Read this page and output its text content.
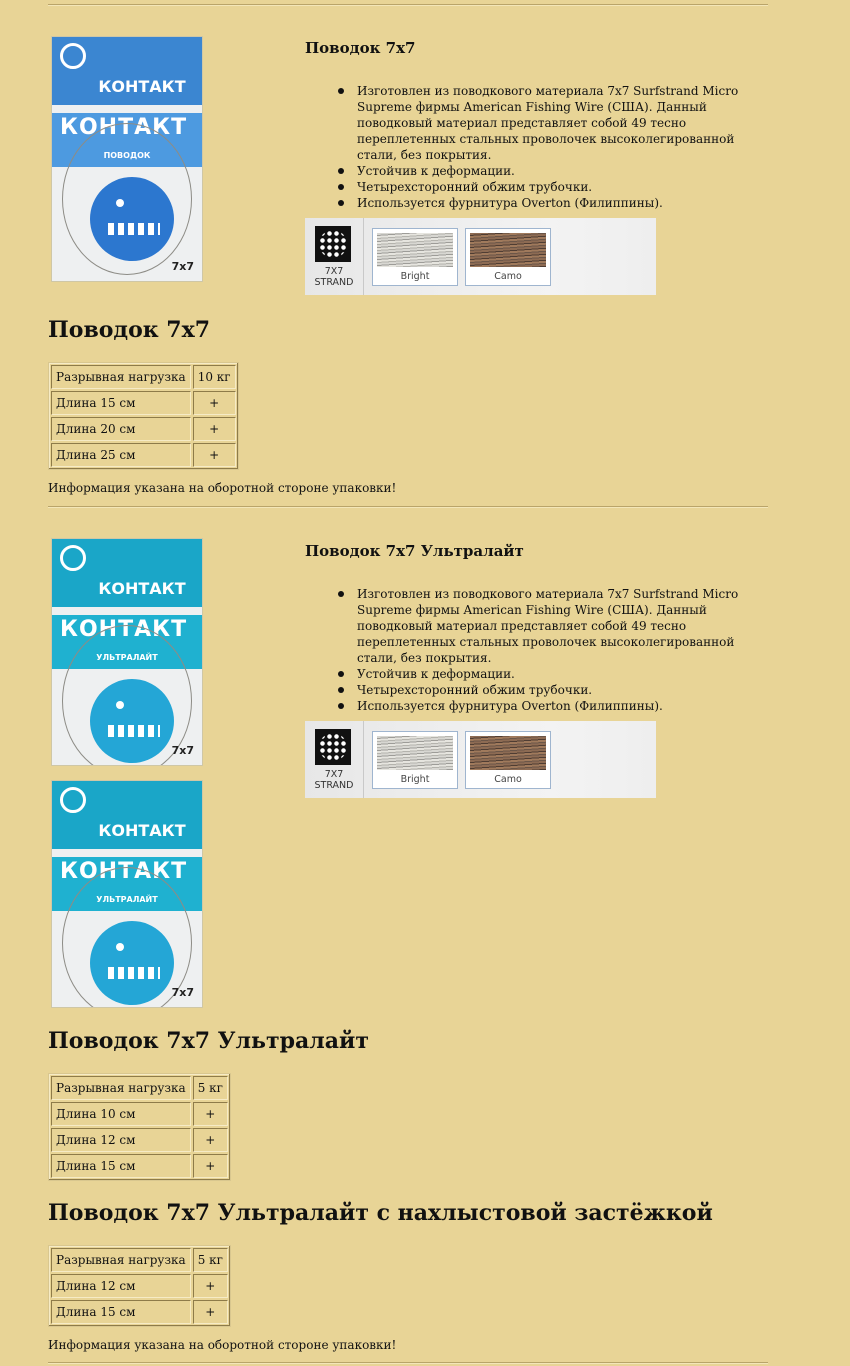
КОНТАКТ
КОНТАКТ
ПОВОДОК
7х7
Поводок 7х7
Изготовлен из поводкового материала 7х7 Surfstrand Micro Supreme фирмы American Fishing Wire (США). Данный поводковый материал представляет собой 49 тесно переплетенных стальных проволочек высоколегированной стали, без покрытия.
Устойчив к деформации.
Четырехсторонний обжим трубочки.
Используется фурнитура Overton (Филиппины).
7X7
STRAND
Bright	Camo
Поводок 7х7
Разрывная нагрузка	10 кг
Длина 15 см	+
Длина 20 см	+
Длина 25 см	+
Информация указана на оборотной стороне упаковки!
КОНТАКТ
КОНТАКТ
УЛЬТРАЛАЙТ
7х7
КОНТАКТ
КОНТАКТ
УЛЬТРАЛАЙТ
7х7
Поводок 7х7 Ультралайт
Изготовлен из поводкового материала 7х7 Surfstrand Micro Supreme фирмы American Fishing Wire (США). Данный поводковый материал представляет собой 49 тесно переплетенных стальных проволочек высоколегированной стали, без покрытия.
Устойчив к деформации.
Четырехсторонний обжим трубочки.
Используется фурнитура Overton (Филиппины).
7X7
STRAND
Bright	Camo
Поводок 7х7 Ультралайт
Разрывная нагрузка	5 кг
Длина 10 см	+
Длина 12 см	+
Длина 15 см	+
Поводок 7х7 Ультралайт с нахлыстовой застёжкой
Разрывная нагрузка	5 кг
Длина 12 см	+
Длина 15 см	+
Информация указана на оборотной стороне упаковки!
